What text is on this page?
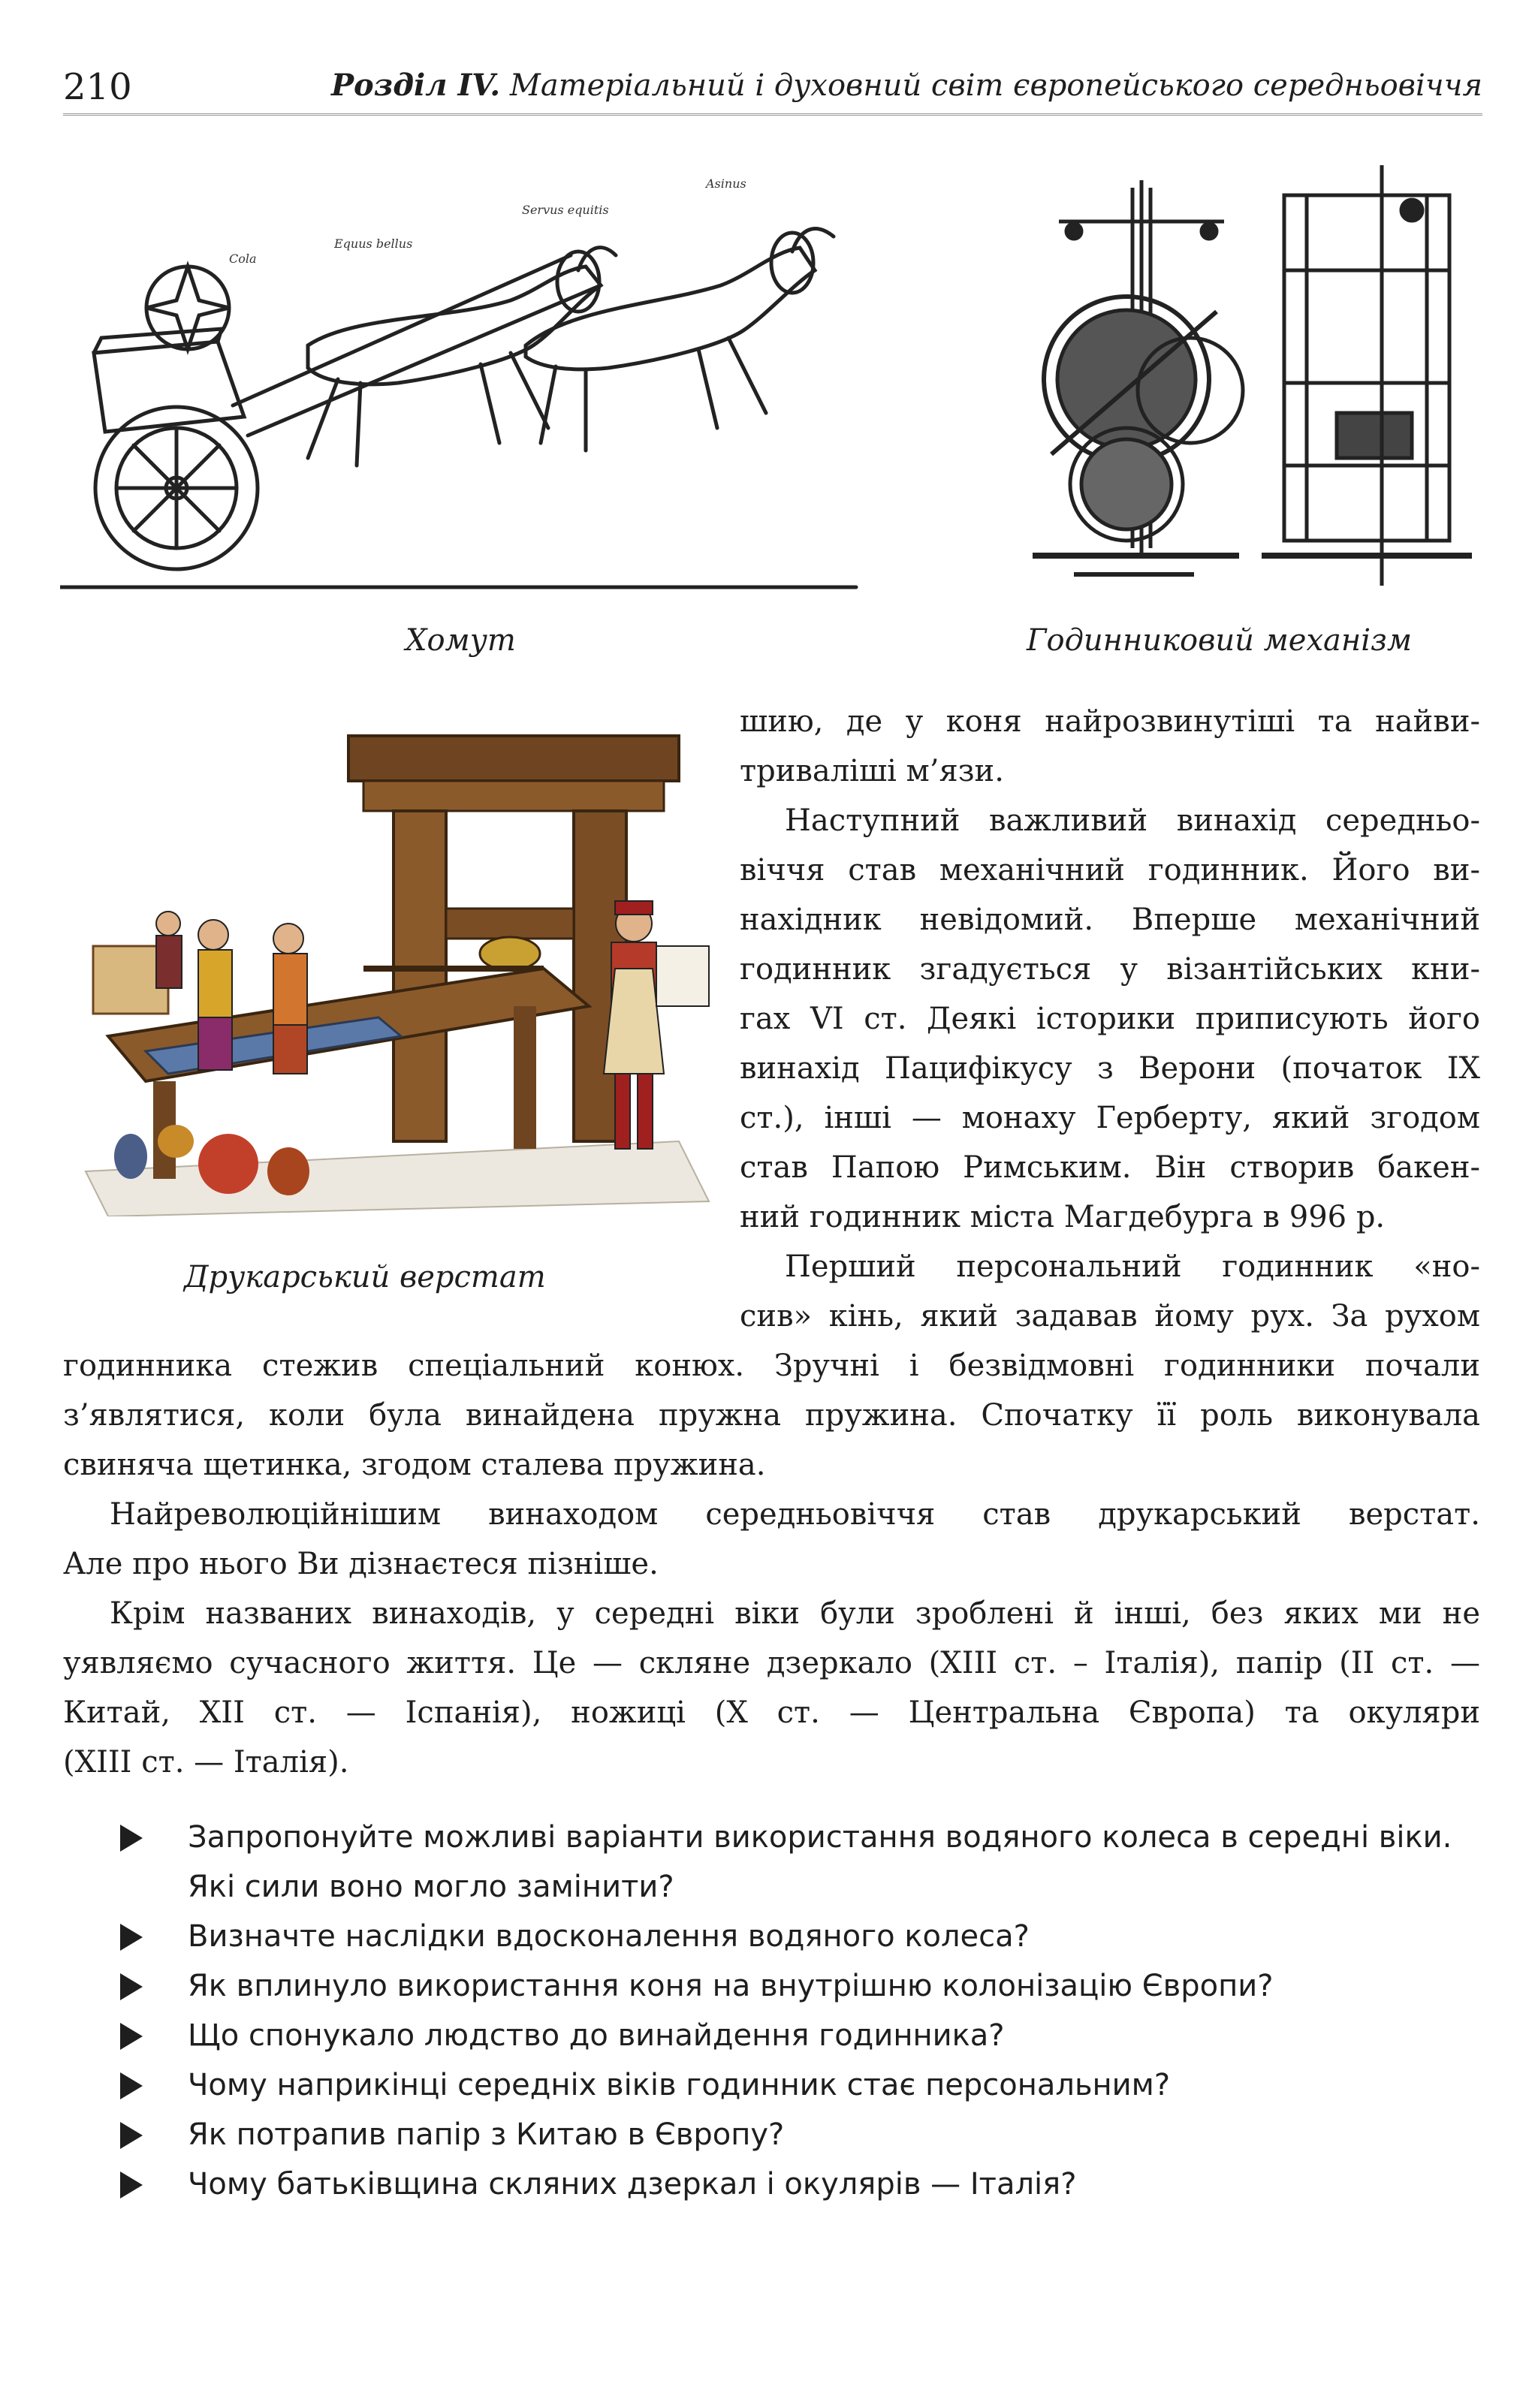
210	Розділ IV. Матеріальний і духовний світ європейського середньовіччя
Cola
Equus bellus
Servus equitis
Asinus
Хомут	Годинниковий механізм
Друкарський верстат
шию, де у коня найрозвинутіші та найви-
триваліші м’язи.
Наступний важливий винахід середньо-
віччя став механічний годинник. Його ви-
нахідник невідомий. Вперше механічний
годинник згадується у візантійських кни-
гах VI ст. Деякі історики приписують його
винахід Пацифікусу з Верони (початок IX
ст.), інші — монаху Герберту, який згодом
став Папою Римським. Він створив бакен-
ний годинник міста Магдебурга в 996 р.
Перший персональний годинник «но-
сив» кінь, який задавав йому рух. За рухом
годинника стежив спеціальний конюх. Зручні і безвідмовні годинники почали
з’являтися, коли була винайдена пружна пружина. Спочатку її роль виконувала
свиняча щетинка, згодом сталева пружина.
Найреволюційнішим винаходом середньовіччя став друкарський верстат.
Але про нього Ви дізнаєтеся пізніше.
Крім названих винаходів, у середні віки були зроблені й інші, без яких ми не
уявляємо сучасного життя. Це — скляне дзеркало (XIII ст. – Італія), папір (II ст. —
Китай, XII ст. — Іспанія), ножиці (X ст. — Центральна Європа) та окуляри
(XIII ст. — Італія).
Запропонуйте можливі варіанти використання водяного колеса в середні віки.
Які сили воно могло замінити?
Визначте наслідки вдосконалення водяного колеса?
Як вплинуло використання коня на внутрішню колонізацію Європи?
Що спонукало людство до винайдення годинника?
Чому наприкінці середніх віків годинник стає персональним?
Як потрапив папір з Китаю в Європу?
Чому батьківщина скляних дзеркал і окулярів — Італія?
